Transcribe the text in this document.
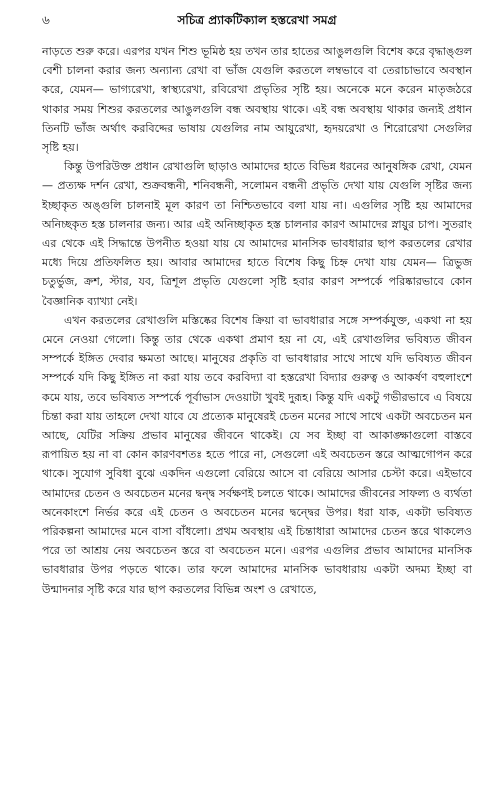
৬	সচিত্র প্র্যাকটিক্যাল হস্তরেখা সমগ্র

নাড়তে শুরু করে। এরপর যখন শিশু ভূমিষ্ঠ হয় তখন তার হাতের আঙুলগুলি বিশেষ করে বৃদ্ধাঙ্গুল বেশী চালনা করার জন্য অন্যান্য রেখা বা ভাঁজ যেগুলি করতলে লম্বভাবে বা তেরাচাভাবে অবস্থান করে, যেমন— ভাগ্যরেখা, স্বাস্থ্যরেখা, রবিরেখা প্রভৃতির সৃষ্টি হয়। অনেকে মনে করেন মাতৃজঠরে থাকার সময় শিশুর করতলের আঙুলগুলি বন্ধ অবস্থায় থাকে। এই বন্ধ অবস্থায় থাকার জন্যই প্রধান তিনটি ভাঁজ অর্থাৎ করবিদ্দের ভাষায় যেগুলির নাম আয়ুরেখা, হৃদয়রেখা ও শিরোরেখা সেগুলির সৃষ্টি হয়।

কিন্তু উপরিউক্ত প্রধান রেখাগুলি ছাড়াও আমাদের হাতে বিভিন্ন ধরনের আনুষঙ্গিক রেখা, যেমন— প্রত্যক্ষ দর্শন রেখা, শুক্রবন্ধনী, শনিবন্ধনী, সলোমন বন্ধনী প্রভৃতি দেখা যায় যেগুলি সৃষ্টির জন্য ইচ্ছাকৃত অঙ্গুলি চালনাই মূল কারণ তা নিশ্চিতভাবে বলা যায় না। এগুলির সৃষ্টি হয় আমাদের অনিচ্ছকৃত হস্ত চালনার জন্য। আর এই অনিচ্ছাকৃত হস্ত চালনার কারণ আমাদের স্নায়ুর চাপ। সুতরাং এর থেকে এই সিদ্ধান্তে উপনীত হওয়া যায় যে আমাদের মানসিক ভাবধারার ছাপ করতলের রেখার মধ্যে দিয়ে প্রতিফলিত হয়। আবার আমাদের হাতে বিশেষ কিছু চিহ্ন দেখা যায় যেমন— ত্রিভুজ চতুর্ভুজ, ক্রশ, স্টার, যব, ত্রিশূল প্রভৃতি যেগুলো সৃষ্টি হবার কারণ সম্পর্কে পরিষ্কারভাবে কোন বৈজ্ঞানিক ব্যাখ্যা নেই।

এখন করতলের রেখাগুলি মস্তিষ্কের বিশেষ ক্রিয়া বা ভাবধারার সঙ্গে সম্পর্কযুক্ত, একথা না হয় মেনে নেওয়া গেলো। কিন্তু তার থেকে একথা প্রমাণ হয় না যে, এই রেখাগুলির ভবিষ্যত জীবন সম্পর্কে ইঙ্গিত দেবার ক্ষমতা আছে। মানুষের প্রকৃতি বা ভাবধারার সাথে সাথে যদি ভবিষ্যত জীবন সম্পর্কে যদি কিছু ইঙ্গিত না করা যায় তবে করবিদ্যা বা হস্তরেখা বিদ্যার গুরুত্ব ও আকর্ষণ বহুলাংশে কমে যায়, তবে ভবিষ্যত সম্পর্কে পূর্বাভাস দেওয়াটা খুবই দুরূহ। কিন্তু যদি একটু গভীরভাবে এ বিষয়ে চিন্তা করা যায় তাহলে দেখা যাবে যে প্রত্যেক মানুষেরই চেতন মনের সাথে সাথে একটা অবচেতন মন আছে, যেটির সক্রিয় প্রভাব মানুষের জীবনে থাকেই। যে সব ইচ্ছা বা আকাঙ্ক্ষাগুলো বাস্তবে রূপায়িত হয় না বা কোন কারণবশতঃ হতে পারে না, সেগুলো এই অবচেতন স্তরে আত্মগোপন করে থাকে। সুযোগ সুবিধা বুঝে একদিন এগুলো বেরিয়ে আসে বা বেরিয়ে আসার চেস্টা করে। এইভাবে আমাদের চেতন ও অবচেতন মনের দ্বন্দ্ব সর্বক্ষণই চলতে থাকে। আমাদের জীবনের সাফল্য ও ব্যর্থতা অনেকাংশে নির্ভর করে এই চেতন ও অবচেতন মনের দ্বন্দ্বের উপর। ধরা যাক, একটা ভবিষ্যত পরিকল্পনা আমাদের মনে বাসা বাঁধলো। প্রথম অবস্থায় এই চিন্তাধারা আমাদের চেতন স্তরে থাকলেও পরে তা আশ্রয় নেয় অবচেতন স্তরে বা অবচেতন মনে। এরপর এগুলির প্রভাব আমাদের মানসিক ভাবধারার উপর পড়তে থাকে। তার ফলে আমাদের মানসিক ভাবধারায় একটা অদম্য ইচ্ছা বা উন্মাদনার সৃষ্টি করে যার ছাপ করতলের বিভিন্ন অংশ ও রেখাতে,
